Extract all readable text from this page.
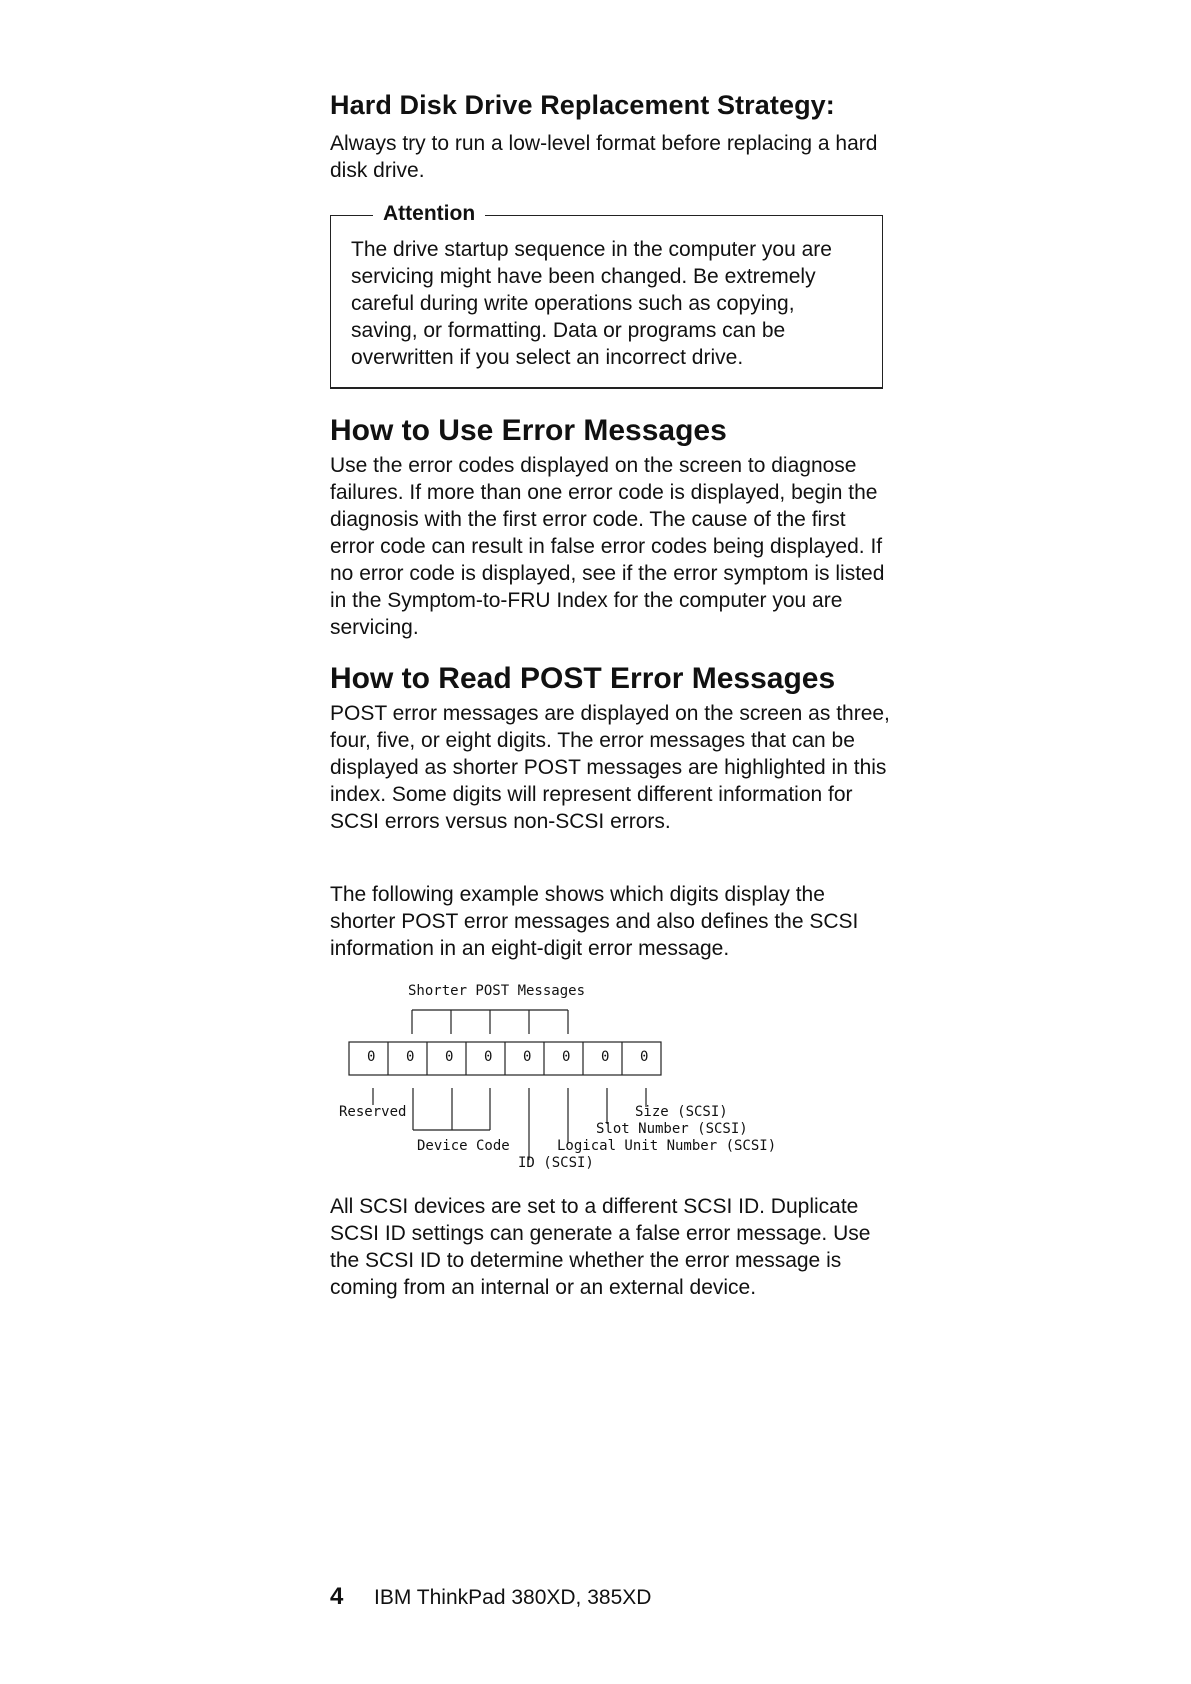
Hard Disk Drive Replacement Strategy:

Always try to run a low-level format before replacing a hard disk drive.

Attention

The drive startup sequence in the computer you are servicing might have been changed. Be extremely careful during write operations such as copying, saving, or formatting. Data or programs can be overwritten if you select an incorrect drive.

How to Use Error Messages

Use the error codes displayed on the screen to diagnose failures. If more than one error code is displayed, begin the diagnosis with the first error code. The cause of the first error code can result in false error codes being displayed. If no error code is displayed, see if the error symptom is listed in the Symptom-to-FRU Index for the computer you are servicing.

How to Read POST Error Messages

POST error messages are displayed on the screen as three, four, five, or eight digits. The error messages that can be displayed as shorter POST messages are highlighted in this index. Some digits will represent different information for SCSI errors versus non-SCSI errors.

The following example shows which digits display the shorter POST error messages and also defines the SCSI information in an eight-digit error message.

Shorter POST Messages
0 0 0 0 0 0 0 0
Reserved	Size (SCSI)
Slot Number (SCSI)
Device Code	Logical Unit Number (SCSI)
ID (SCSI)

All SCSI devices are set to a different SCSI ID. Duplicate SCSI ID settings can generate a false error message. Use the SCSI ID to determine whether the error message is coming from an internal or an external device.

4 IBM ThinkPad 380XD, 385XD
